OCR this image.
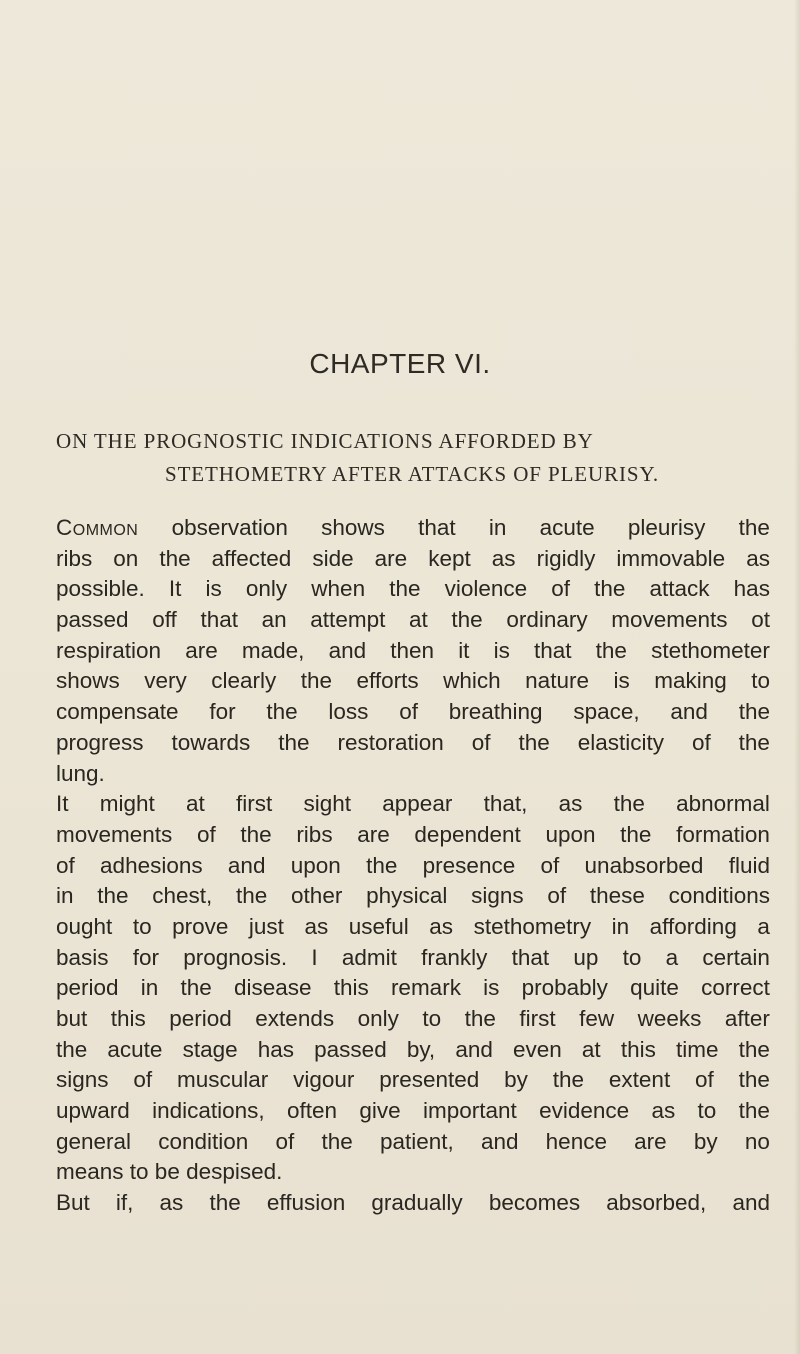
CHAPTER VI.
ON THE PROGNOSTIC INDICATIONS AFFORDED BY
STETHOMETRY AFTER ATTACKS OF PLEURISY.
Common observation shows that in acute pleurisy the
ribs on the affected side are kept as rigidly immovable as
possible. It is only when the violence of the attack has
passed off that an attempt at the ordinary movements ot
respiration are made, and then it is that the stethometer
shows very clearly the efforts which nature is making to
compensate for the loss of breathing space, and the
progress towards the restoration of the elasticity of the
lung.
It might at first sight appear that, as the abnormal
movements of the ribs are dependent upon the formation
of adhesions and upon the presence of unabsorbed fluid
in the chest, the other physical signs of these conditions
ought to prove just as useful as stethometry in affording a
basis for prognosis. I admit frankly that up to a certain
period in the disease this remark is probably quite correct
but this period extends only to the first few weeks after
the acute stage has passed by, and even at this time the
signs of muscular vigour presented by the extent of the
upward indications, often give important evidence as to the
general condition of the patient, and hence are by no
means to be despised.
But if, as the effusion gradually becomes absorbed, and
